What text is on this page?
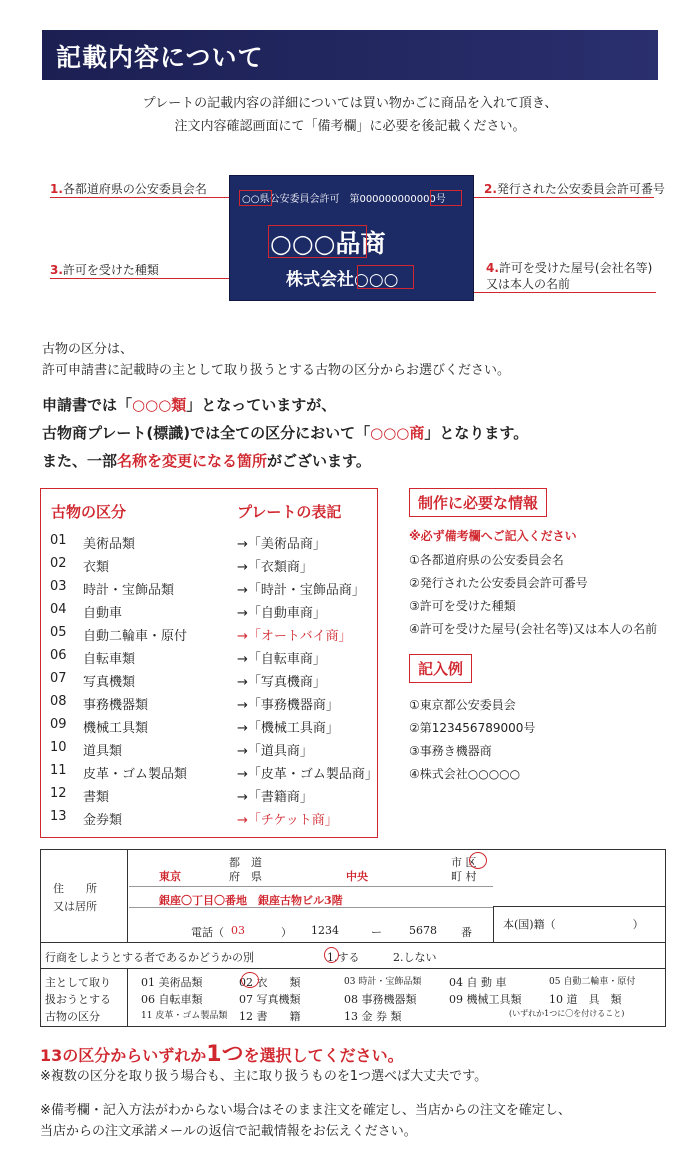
記載内容について
プレートの記載内容の詳細については買い物かごに商品を入れて頂き、
注文内容確認画面にて「備考欄」に必要を後記載ください。
1.各都道府県の公安委員会名	2.発行された公安委員会許可番号
3.許可を受けた種類	4.許可を受けた屋号(会社名等)
又は本人の名前
○○県公安委員会許可　第000000000000号
○○○品商
株式会社○○○
古物の区分は、
許可申請書に記載時の主として取り扱うとする古物の区分からお選びください。
申請書では「○○○類」となっていますが、
古物商プレート(標識)では全ての区分において「○○○商」となります。
また、一部名称を変更になる箇所がございます。
古物の区分	プレートの表記
01 美術品類	→「美術品商」
02 衣類	→「衣類商」
03 時計・宝飾品類	→「時計・宝飾品商」
04 自動車	→「自動車商」
05 自動二輪車・原付	→「オートバイ商」
06 自転車類	→「自転車商」
07 写真機類	→「写真機商」
08 事務機器類	→「事務機器商」
09 機械工具類	→「機械工具商」
10 道具類	→「道具商」
11 皮革・ゴム製品類	→「皮革・ゴム製品商」
12 書類	→「書籍商」
13 金券類	→「チケット商」
制作に必要な情報
※必ず備考欄へご記入ください
①各都道府県の公安委員会名
②発行された公安委員会許可番号
③許可を受けた種類
④許可を受けた屋号(会社名等)又は本人の名前
記入例
①東京都公安委員会
②第123456789000号
③事務き機器商
④株式会社○○○○○
住　　所
又は居所
都　道
東京	府　県	中央
市 区
町 村
銀座〇丁目〇番地　銀座古物ビル3階
電話（ 03	） 1234	ー 5678 番
本(国)籍（　　　　　　　）
行商をしようとする者であるかどうかの別	1.する	2.しない
主として取り
扱おうとする
古物の区分
01 美術品類	02 衣　　類	03 時計・宝飾品類	04 自 動 車	05 自動二輪車・原付
06 自転車類	07 写真機類	08 事務機器類	09 機械工具類	10 道　具　類
11 皮革・ゴム製品類 12 書　　籍	13 金 券 類	(いずれか1つに〇を付けること)
13の区分からいずれか1つを選択してください。
※複数の区分を取り扱う場合も、主に取り扱うものを1つ選べば大丈夫です。
※備考欄・記入方法がわからない場合はそのまま注文を確定し、当店からの注文を確定し、
当店からの注文承諾メールの返信で記載情報をお伝えください。
